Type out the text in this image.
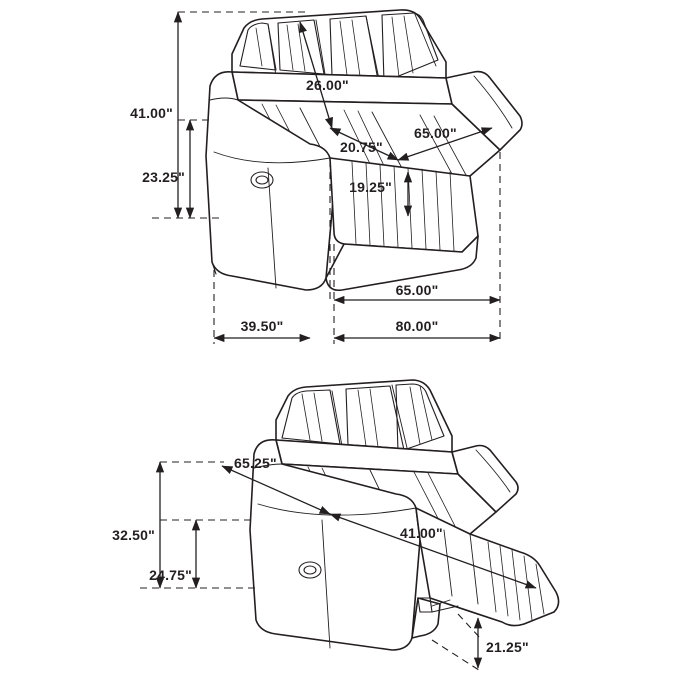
41.00"
23.25"
26.00"
20.75"
65.00"
19.25"
65.00"
39.50"	80.00"
65.25"
32.50"
24.75"
41.00"
21.25"
